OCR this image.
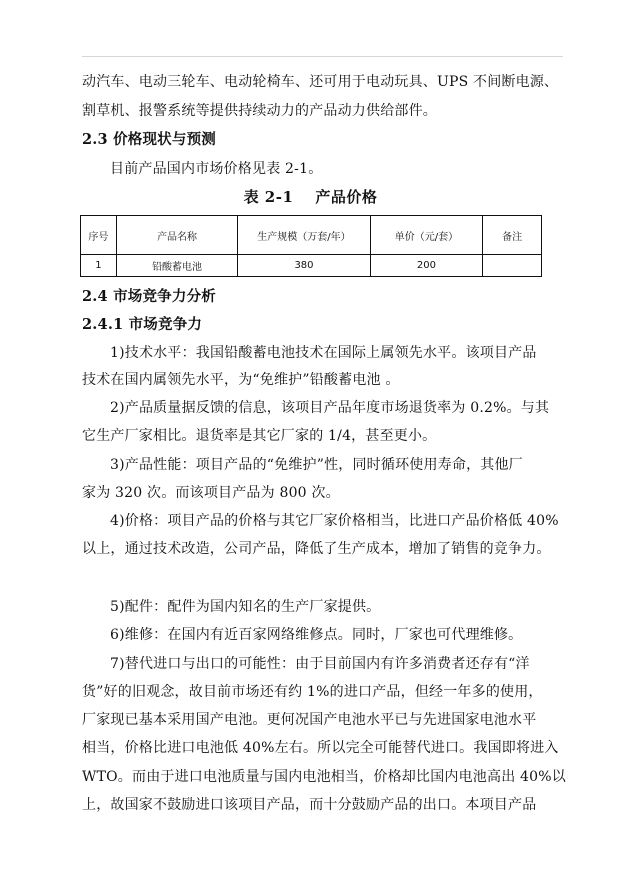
动汽车、电动三轮车、电动轮椅车、还可用于电动玩具、UPS 不间断电源、
割草机、报警系统等提供持续动力的产品动力供给部件。
2.3 价格现状与预测
目前产品国内市场价格见表 2-1。
表 2-1 产品价格
序号	产品名称	生产规模（万套/年）	单价（元/套）	备注
1	铅酸蓄电池	380	200	
2.4 市场竞争力分析
2.4.1 市场竞争力
1)技术水平：我国铅酸蓄电池技术在国际上属领先水平。该项目产品
技术在国内属领先水平，为“免维护”铅酸蓄电池 。
2)产品质量据反馈的信息，该项目产品年度市场退货率为 0.2%。与其
它生产厂家相比。退货率是其它厂家的 1/4，甚至更小。
3)产品性能：项目产品的“免维护”性，同时循环使用寿命，其他厂
家为 320 次。而该项目产品为 800 次。
4)价格：项目产品的价格与其它厂家价格相当，比进口产品价格低 40%
以上，通过技术改造，公司产品，降低了生产成本，增加了销售的竞争力。
5)配件：配件为国内知名的生产厂家提供。
6)维修：在国内有近百家网络维修点。同时，厂家也可代理维修。
7)替代进口与出口的可能性：由于目前国内有许多消费者还存有“洋
货”好的旧观念，故目前市场还有约 1%的进口产品，但经一年多的使用，
厂家现已基本采用国产电池。更何况国产电池水平已与先进国家电池水平
相当，价格比进口电池低 40%左右。所以完全可能替代进口。我国即将进入
WTO。而由于进口电池质量与国内电池相当，价格却比国内电池高出 40%以
上，故国家不鼓励进口该项目产品，而十分鼓励产品的出口。本项目产品
